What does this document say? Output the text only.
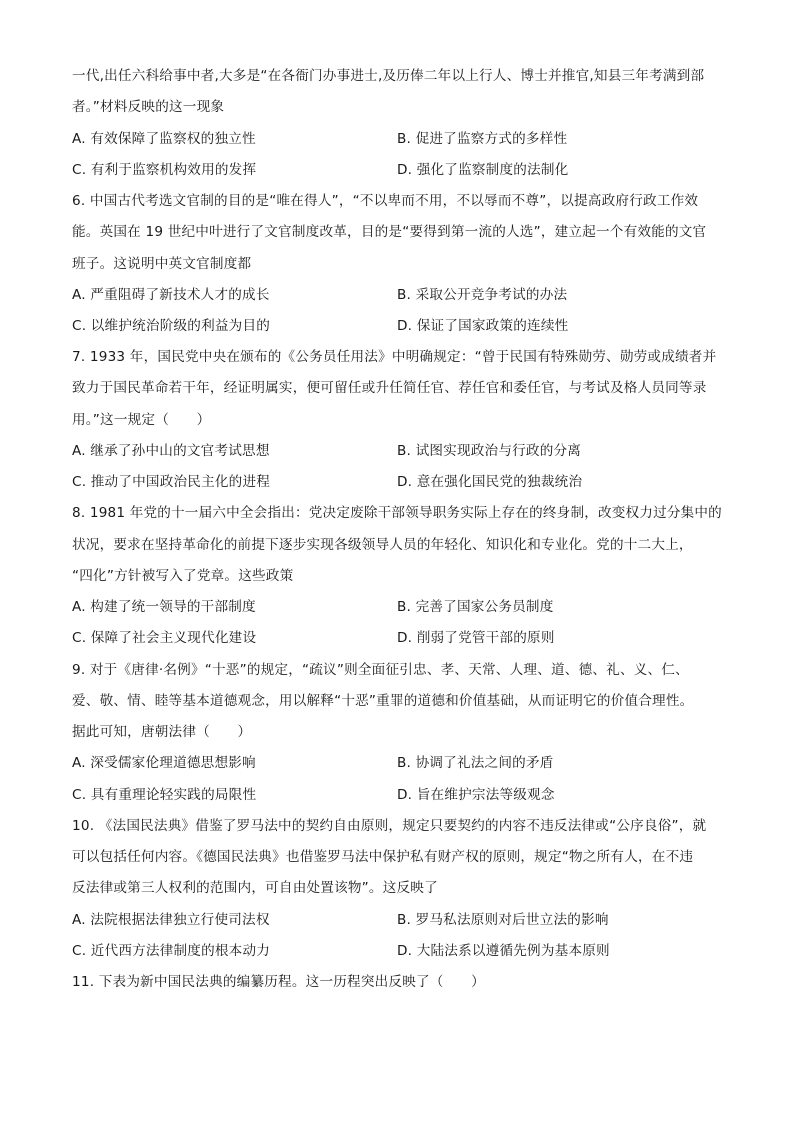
一代,出任六科给事中者,大多是“在各衙门办事进士,及历俸二年以上行人、博士并推官,知县三年考满到部
者。”材料反映的这一现象
A. 有效保障了监察权的独立性	B. 促进了监察方式的多样性
C. 有利于监察机构效用的发挥	D. 强化了监察制度的法制化
6. 中国古代考选文官制的目的是“唯在得人”，“不以卑而不用，不以辱而不尊”，以提高政府行政工作效
能。英国在 19 世纪中叶进行了文官制度改革，目的是“要得到第一流的人选”，建立起一个有效能的文官
班子。这说明中英文官制度都
A. 严重阻碍了新技术人才的成长	B. 采取公开竞争考试的办法
C. 以维护统治阶级的利益为目的	D. 保证了国家政策的连续性
7. 1933 年，国民党中央在颁布的《公务员任用法》中明确规定：“曾于民国有特殊勋劳、勋劳或成绩者并
致力于国民革命若干年，经证明属实，便可留任或升任简任官、荐任官和委任官，与考试及格人员同等录
用。”这一规定（　　）
A. 继承了孙中山的文官考试思想	B. 试图实现政治与行政的分离
C. 推动了中国政治民主化的进程	D. 意在强化国民党的独裁统治
8. 1981 年党的十一届六中全会指出：党决定废除干部领导职务实际上存在的终身制，改变权力过分集中的
状况，要求在坚持革命化的前提下逐步实现各级领导人员的年轻化、知识化和专业化。党的十二大上，
“四化”方针被写入了党章。这些政策
A. 构建了统一领导的干部制度	B. 完善了国家公务员制度
C. 保障了社会主义现代化建设	D. 削弱了党管干部的原则
9. 对于《唐律·名例》“十恶”的规定，“疏议”则全面征引忠、孝、天常、人理、道、德、礼、义、仁、
爱、敬、情、睦等基本道德观念，用以解释“十恶”重罪的道德和价值基础，从而证明它的价值合理性。
据此可知，唐朝法律（　　）
A. 深受儒家伦理道德思想影响	B. 协调了礼法之间的矛盾
C. 具有重理论轻实践的局限性	D. 旨在维护宗法等级观念
10. 《法国民法典》借鉴了罗马法中的契约自由原则，规定只要契约的内容不违反法律或“公序良俗”，就
可以包括任何内容。《德国民法典》也借鉴罗马法中保护私有财产权的原则，规定“物之所有人，在不违
反法律或第三人权利的范围内，可自由处置该物”。这反映了
A. 法院根据法律独立行使司法权	B. 罗马私法原则对后世立法的影响
C. 近代西方法律制度的根本动力	D. 大陆法系以遵循先例为基本原则
11. 下表为新中国民法典的编纂历程。这一历程突出反映了（　　）
